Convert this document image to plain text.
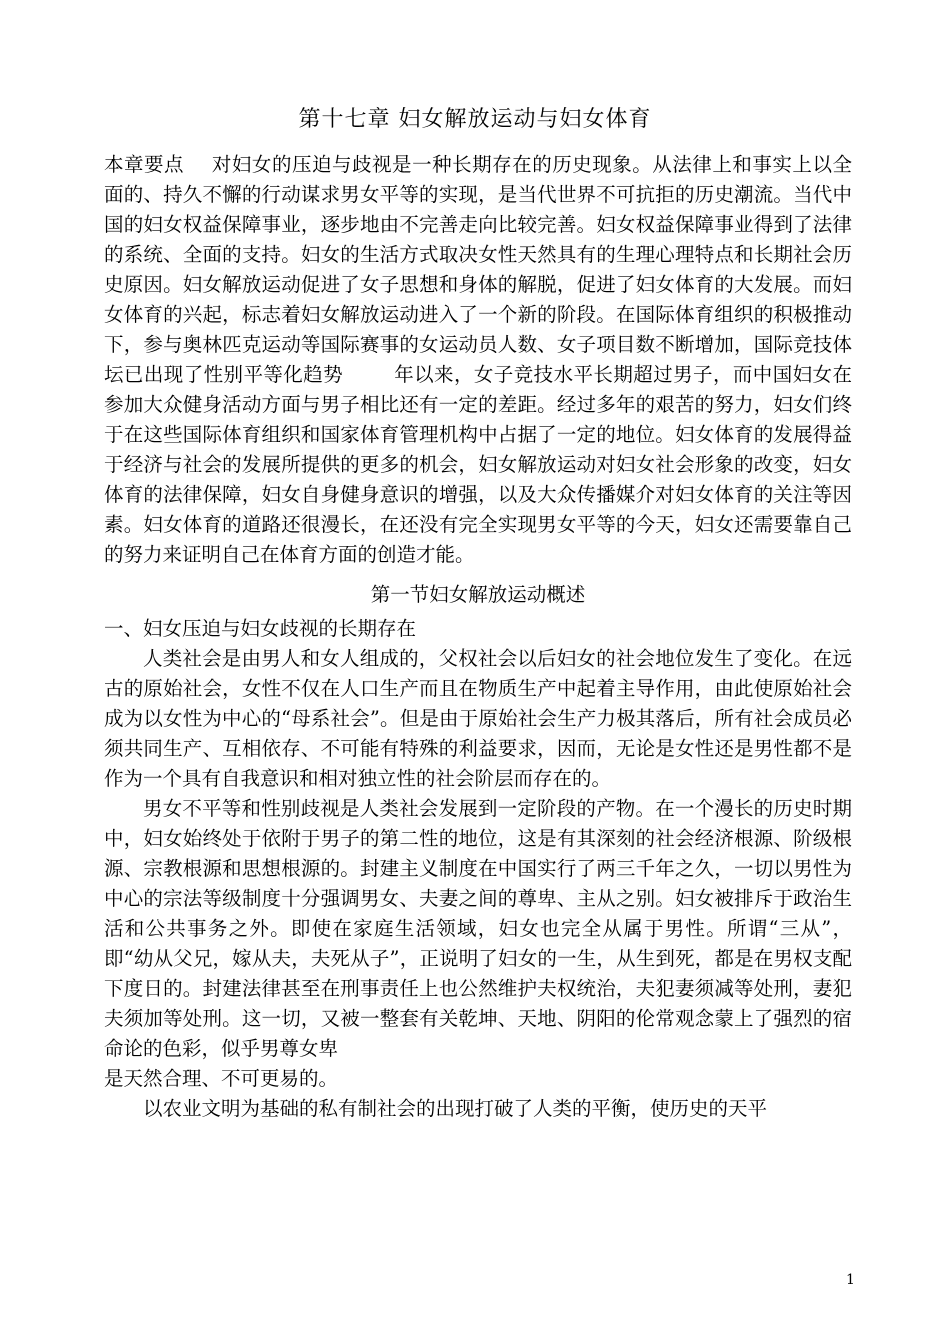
第十七章 妇女解放运动与妇女体育

本章要点 对妇女的压迫与歧视是一种长期存在的历史现象。从法律上和事实上以全面的、持久不懈的行动谋求男女平等的实现，是当代世界不可抗拒的历史潮流。当代中国的妇女权益保障事业，逐步地由不完善走向比较完善。妇女权益保障事业得到了法律的系统、全面的支持。妇女的生活方式取决女性天然具有的生理心理特点和长期社会历史原因。妇女解放运动促进了女子思想和身体的解脱，促进了妇女体育的大发展。而妇女体育的兴起，标志着妇女解放运动进入了一个新的阶段。在国际体育组织的积极推动下，参与奥林匹克运动等国际赛事的女运动员人数、女子项目数不断增加，国际竞技体坛已出现了性别平等化趋势	年以来，女子竞技水平长期超过男子，而中国妇女在参加大众健身活动方面与男子相比还有一定的差距。经过多年的艰苦的努力，妇女们终于在这些国际体育组织和国家体育管理机构中占据了一定的地位。妇女体育的发展得益于经济与社会的发展所提供的更多的机会，妇女解放运动对妇女社会形象的改变，妇女体育的法律保障，妇女自身健身意识的增强，以及大众传播媒介对妇女体育的关注等因素。妇女体育的道路还很漫长，在还没有完全实现男女平等的今天，妇女还需要靠自己的努力来证明自己在体育方面的创造才能。

第一节妇女解放运动概述

一、妇女压迫与妇女歧视的长期存在

人类社会是由男人和女人组成的，父权社会以后妇女的社会地位发生了变化。在远古的原始社会，女性不仅在人口生产而且在物质生产中起着主导作用，由此使原始社会成为以女性为中心的“母系社会”。但是由于原始社会生产力极其落后，所有社会成员必须共同生产、互相依存、不可能有特殊的利益要求，因而，无论是女性还是男性都不是作为一个具有自我意识和相对独立性的社会阶层而存在的。

男女不平等和性别歧视是人类社会发展到一定阶段的产物。在一个漫长的历史时期中，妇女始终处于依附于男子的第二性的地位，这是有其深刻的社会经济根源、阶级根源、宗教根源和思想根源的。封建主义制度在中国实行了两三千年之久，一切以男性为中心的宗法等级制度十分强调男女、夫妻之间的尊卑、主从之别。妇女被排斥于政治生活和公共事务之外。即使在家庭生活领域，妇女也完全从属于男性。所谓“三从”，即“幼从父兄，嫁从夫，夫死从子”，正说明了妇女的一生，从生到死，都是在男权支配下度日的。封建法律甚至在刑事责任上也公然维护夫权统治，夫犯妻须减等处刑，妻犯夫须加等处刑。这一切，又被一整套有关乾坤、天地、阴阳的伦常观念蒙上了强烈的宿命论的色彩，似乎男尊女卑

是天然合理、不可更易的。

以农业文明为基础的私有制社会的出现打破了人类的平衡，使历史的天平

1
